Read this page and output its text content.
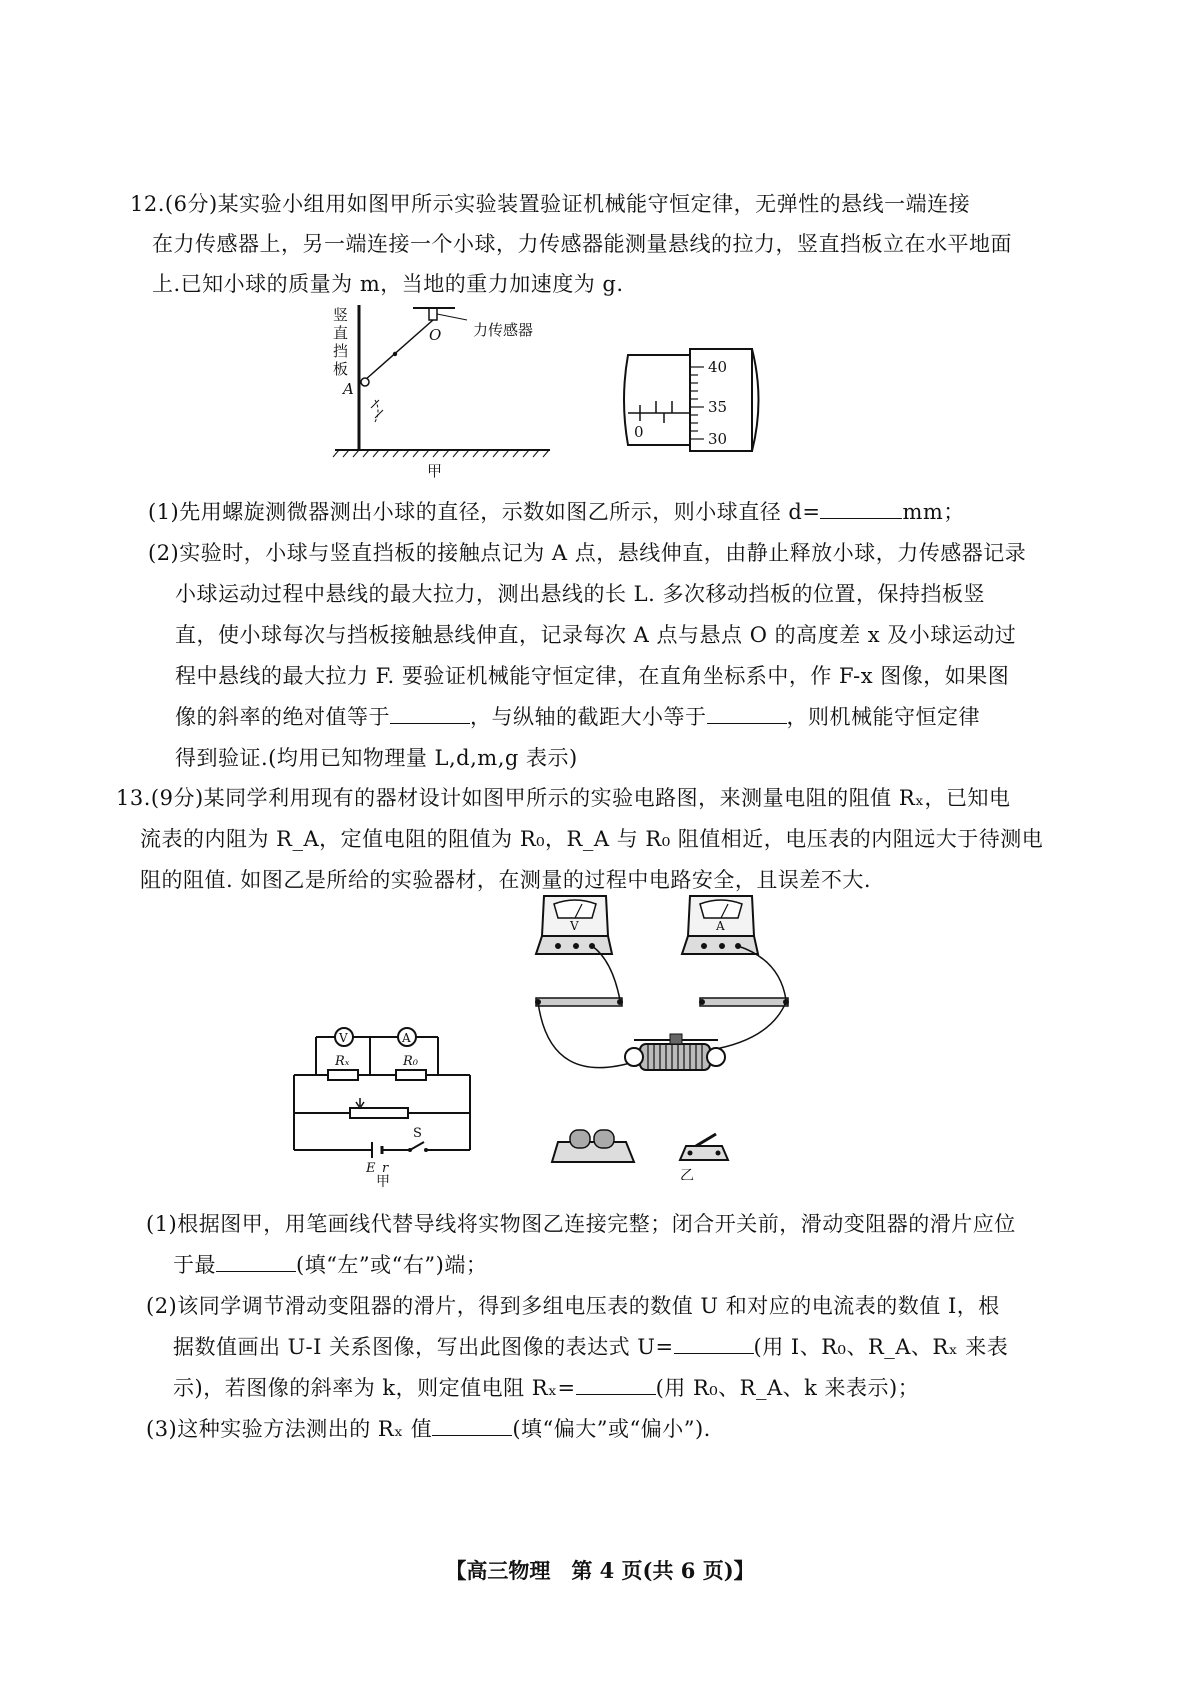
12.(6分)某实验小组用如图甲所示实验装置验证机械能守恒定律，无弹性的悬线一端连接
在力传感器上，另一端连接一个小球，力传感器能测量悬线的拉力，竖直挡板立在水平地面
上.已知小球的质量为 m，当地的重力加速度为 g.
竖
直
挡
板
A
O 力传感器
甲
40
35
30
0
(1)先用螺旋测微器测出小球的直径，示数如图乙所示，则小球直径 d=	mm；
(2)实验时，小球与竖直挡板的接触点记为 A 点，悬线伸直，由静止释放小球，力传感器记录
小球运动过程中悬线的最大拉力，测出悬线的长 L. 多次移动挡板的位置，保持挡板竖
直，使小球每次与挡板接触悬线伸直，记录每次 A 点与悬点 O 的高度差 x 及小球运动过
程中悬线的最大拉力 F. 要验证机械能守恒定律，在直角坐标系中，作 F-x 图像，如果图
像的斜率的绝对值等于	，与纵轴的截距大小等于	，则机械能守恒定律
得到验证.(均用已知物理量 L,d,m,g 表示)
13.(9分)某同学利用现有的器材设计如图甲所示的实验电路图，来测量电阻的阻值 Rₓ，已知电
流表的内阻为 R_A，定值电阻的阻值为 R₀，R_A 与 R₀ 阻值相近，电压表的内阻远大于待测电
阻的阻值. 如图乙是所给的实验器材，在测量的过程中电路安全，且误差不大.
V	A
Rₓ	R₀
S
E r
甲
V	A
乙
(1)根据图甲，用笔画线代替导线将实物图乙连接完整；闭合开关前，滑动变阻器的滑片应位
于最	(填“左”或“右”)端；
(2)该同学调节滑动变阻器的滑片，得到多组电压表的数值 U 和对应的电流表的数值 I，根
据数值画出 U-I 关系图像，写出此图像的表达式 U=	(用 I、R₀、R_A、Rₓ 来表
示)，若图像的斜率为 k，则定值电阻 Rₓ=	(用 R₀、R_A、k 来表示)；
(3)这种实验方法测出的 Rₓ 值	(填“偏大”或“偏小”).
【高三物理　第 4 页(共 6 页)】
